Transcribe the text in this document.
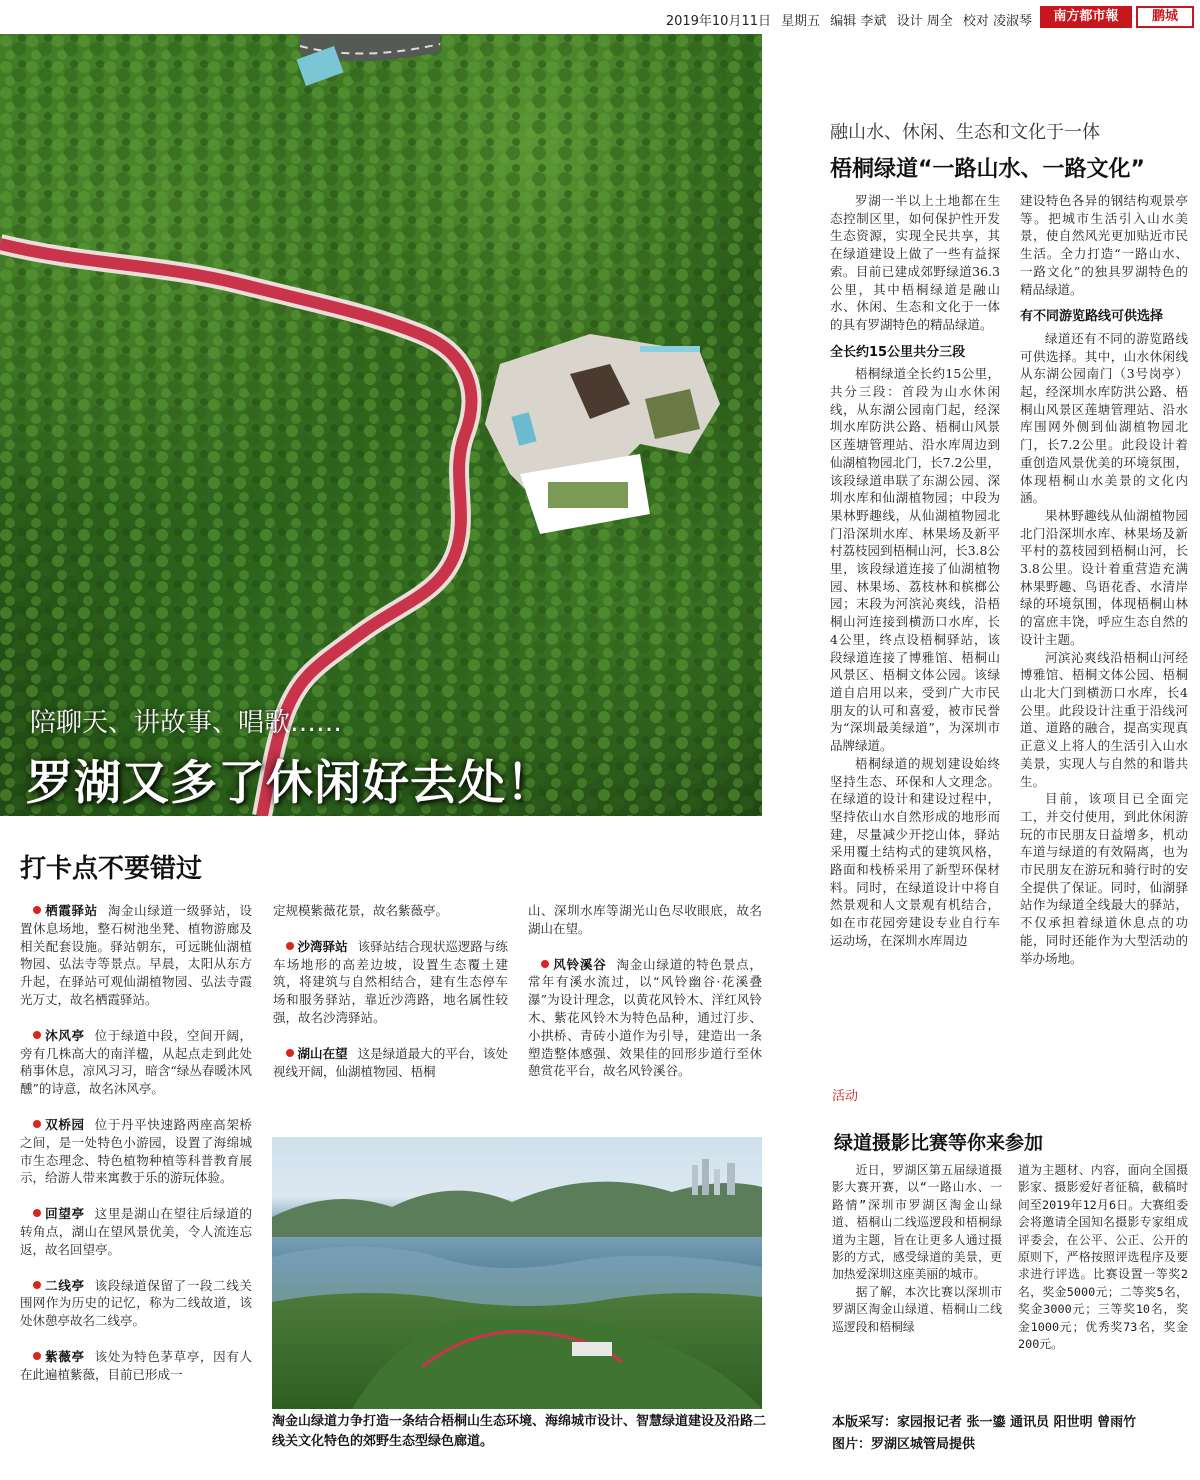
2019年10月11日 星期五 编辑 李斌 设计 周全 校对 凌淑琴	南方都市報	鹏城
陪聊天、讲故事、唱歌……
罗湖又多了休闲好去处！
融山水、休闲、生态和文化于一体
梧桐绿道“一路山水、一路文化”

罗湖一半以上土地都在生态控制区里，如何保护性开发生态资源，实现全民共享，其在绿道建设上做了一些有益探索。目前已建成郊野绿道36.3公里，其中梧桐绿道是融山水、休闲、生态和文化于一体的具有罗湖特色的精品绿道。

全长约15公里共分三段

梧桐绿道全长约15公里，共分三段：首段为山水休闲线，从东湖公园南门起，经深圳水库防洪公路、梧桐山风景区莲塘管理站、沿水库周边到仙湖植物园北门，长7.2公里，该段绿道串联了东湖公园、深圳水库和仙湖植物园；中段为果林野趣线，从仙湖植物园北门沿深圳水库、林果场及新平村荔枝园到梧桐山河，长3.8公里，该段绿道连接了仙湖植物园、林果场、荔枝林和槟榔公园；末段为河滨沁爽线，沿梧桐山河连接到横沥口水库，长4公里，终点设梧桐驿站，该段绿道连接了博雅馆、梧桐山风景区、梧桐文体公园。该绿道自启用以来，受到广大市民朋友的认可和喜爱，被市民誉为“深圳最美绿道”，为深圳市品牌绿道。

梧桐绿道的规划建设始终坚持生态、环保和人文理念。在绿道的设计和建设过程中，坚持依山水自然形成的地形而建，尽量减少开挖山体，驿站采用覆土结构式的建筑风格，路面和栈桥采用了新型环保材料。同时，在绿道设计中将自然景观和人文景观有机结合，如在市花园旁建设专业自行车运动场，在深圳水库周边

建设特色各异的钢结构观景亭等。把城市生活引入山水美景，使自然风光更加贴近市民生活。全力打造“一路山水、一路文化”的独具罗湖特色的精品绿道。

有不同游览路线可供选择

绿道还有不同的游览路线可供选择。其中，山水休闲线从东湖公园南门（3号岗亭）起，经深圳水库防洪公路、梧桐山风景区莲塘管理站、沿水库围网外侧到仙湖植物园北门，长7.2公里。此段设计着重创造风景优美的环境氛围，体现梧桐山水美景的文化内涵。

果林野趣线从仙湖植物园北门沿深圳水库、林果场及新平村的荔枝园到梧桐山河，长3.8公里。设计着重营造充满林果野趣、鸟语花香、水清岸绿的环境氛围，体现梧桐山林的富庶丰饶，呼应生态自然的设计主题。

河滨沁爽线沿梧桐山河经博雅馆、梧桐文体公园、梧桐山北大门到横沥口水库，长4公里。此段设计注重于沿线河道、道路的融合，提高实现真正意义上将人的生活引入山水美景，实现人与自然的和谐共生。

目前，该项目已全面完工，并交付使用，到此休闲游玩的市民朋友日益增多，机动车道与绿道的有效隔离，也为市民朋友在游玩和骑行时的安全提供了保证。同时，仙湖驿站作为绿道全线最大的驿站，不仅承担着绿道休息点的功能，同时还能作为大型活动的举办场地。

活动
绿道摄影比赛等你来参加

近日，罗湖区第五届绿道摄影大赛开赛，以“一路山水、一路情”深圳市罗湖区淘金山绿道、梧桐山二线巡逻段和梧桐绿道为主题，旨在让更多人通过摄影的方式，感受绿道的美景，更加热爱深圳这座美丽的城市。

据了解，本次比赛以深圳市罗湖区淘金山绿道、梧桐山二线巡逻段和梧桐绿

道为主题材、内容，面向全国摄影家、摄影爱好者征稿，截稿时间至2019年12月6日。大赛组委会将邀请全国知名摄影专家组成评委会，在公平、公正、公开的原则下，严格按照评选程序及要求进行评选。比赛设置一等奖2名，奖金5000元；二等奖5名，奖金3000元；三等奖10名，奖金1000元；优秀奖73名，奖金200元。

本版采写：家园报记者 张一鎏 通讯员 阳世明 曾雨竹
图片：罗湖区城管局提供
打卡点不要错过
栖霞驿站 淘金山绿道一级驿站，设置休息场地，整石树池坐凳、植物游廊及相关配套设施。驿站朝东，可远眺仙湖植物园、弘法寺等景点。早晨，太阳从东方升起，在驿站可观仙湖植物园、弘法寺霞光万丈，故名栖霞驿站。
沐风亭 位于绿道中段，空间开阔，旁有几株高大的南洋楹，从起点走到此处稍事休息，凉风习习，暗含“绿丛春暖沐风醺”的诗意，故名沐风亭。
双桥园 位于丹平快速路两座高架桥之间，是一处特色小游园，设置了海绵城市生态理念、特色植物种植等科普教育展示，给游人带来寓教于乐的游玩体验。
回望亭 这里是湖山在望往后绿道的转角点，湖山在望风景优美，令人流连忘返，故名回望亭。
二线亭 该段绿道保留了一段二线关围网作为历史的记忆，称为二线故道，该处休憩亭故名二线亭。
紫薇亭 该处为特色茅草亭，因有人在此遍植紫薇，目前已形成一
定规模紫薇花景，故名紫薇亭。
沙湾驿站 该驿站结合现状巡逻路与练车场地形的高差边坡，设置生态覆土建筑，将建筑与自然相结合，建有生态停车场和服务驿站，靠近沙湾路，地名属性较强，故名沙湾驿站。
湖山在望 这是绿道最大的平台，该处视线开阔，仙湖植物园、梧桐
山、深圳水库等湖光山色尽收眼底，故名湖山在望。
风铃溪谷 淘金山绿道的特色景点，常年有溪水流过，以“风铃幽谷·花溪叠瀑”为设计理念，以黄花风铃木、洋红风铃木、紫花风铃木为特色品种，通过汀步、小拱桥、青砖小道作为引导，建造出一条塑造整体感强、效果佳的回形步道行至休憩赏花平台，故名风铃溪谷。
淘金山绿道力争打造一条结合梧桐山生态环境、海绵城市设计、智慧绿道建设及沿路二线关文化特色的郊野生态型绿色廊道。
